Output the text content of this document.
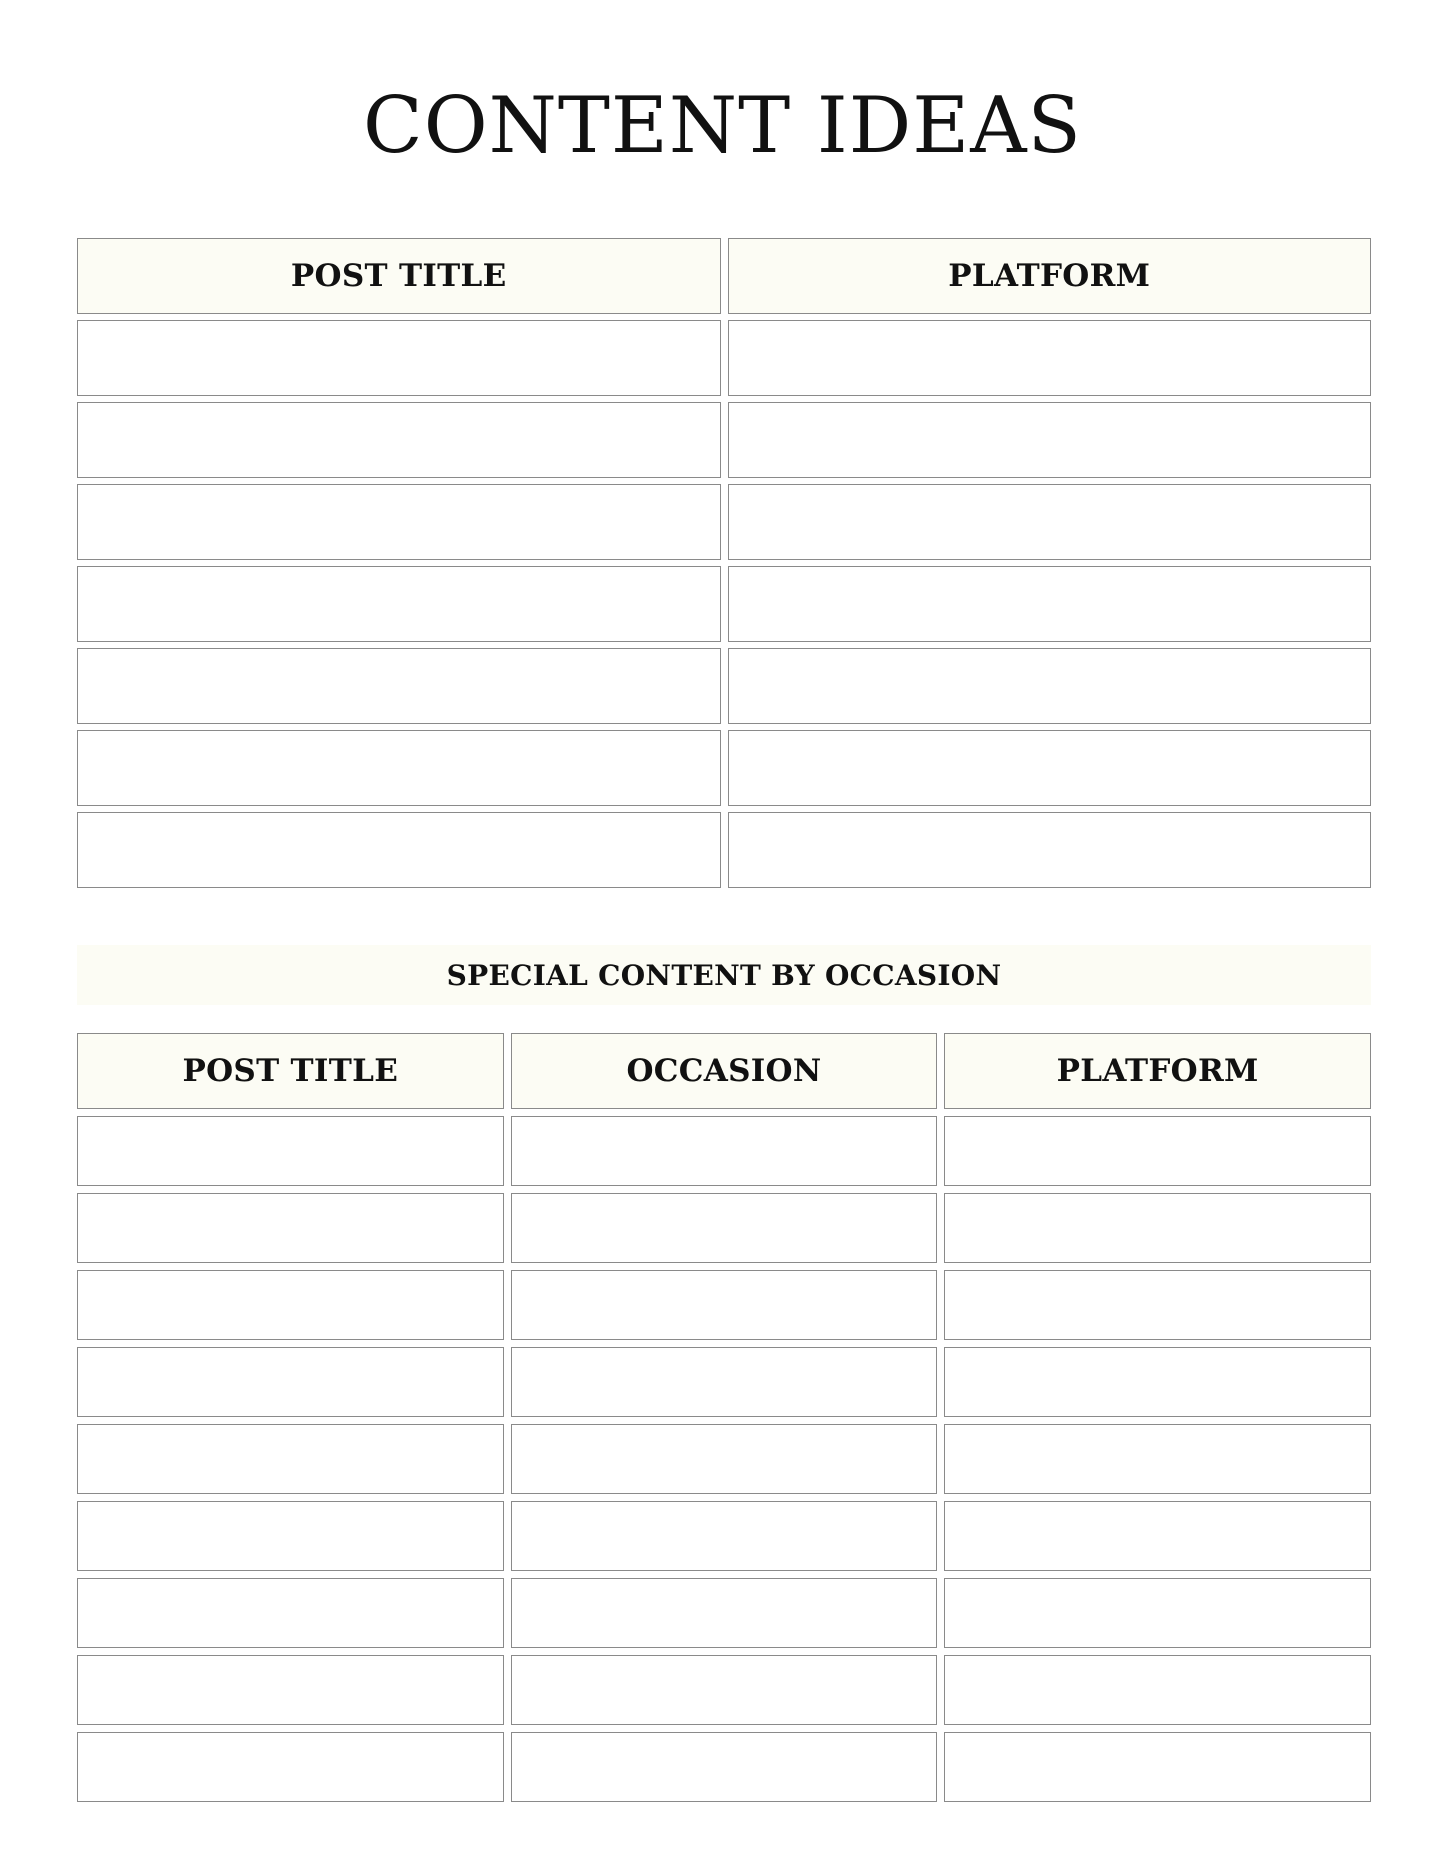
CONTENT IDEAS
POST TITLE	PLATFORM
SPECIAL CONTENT BY OCCASION
POST TITLE	OCCASION	PLATFORM
